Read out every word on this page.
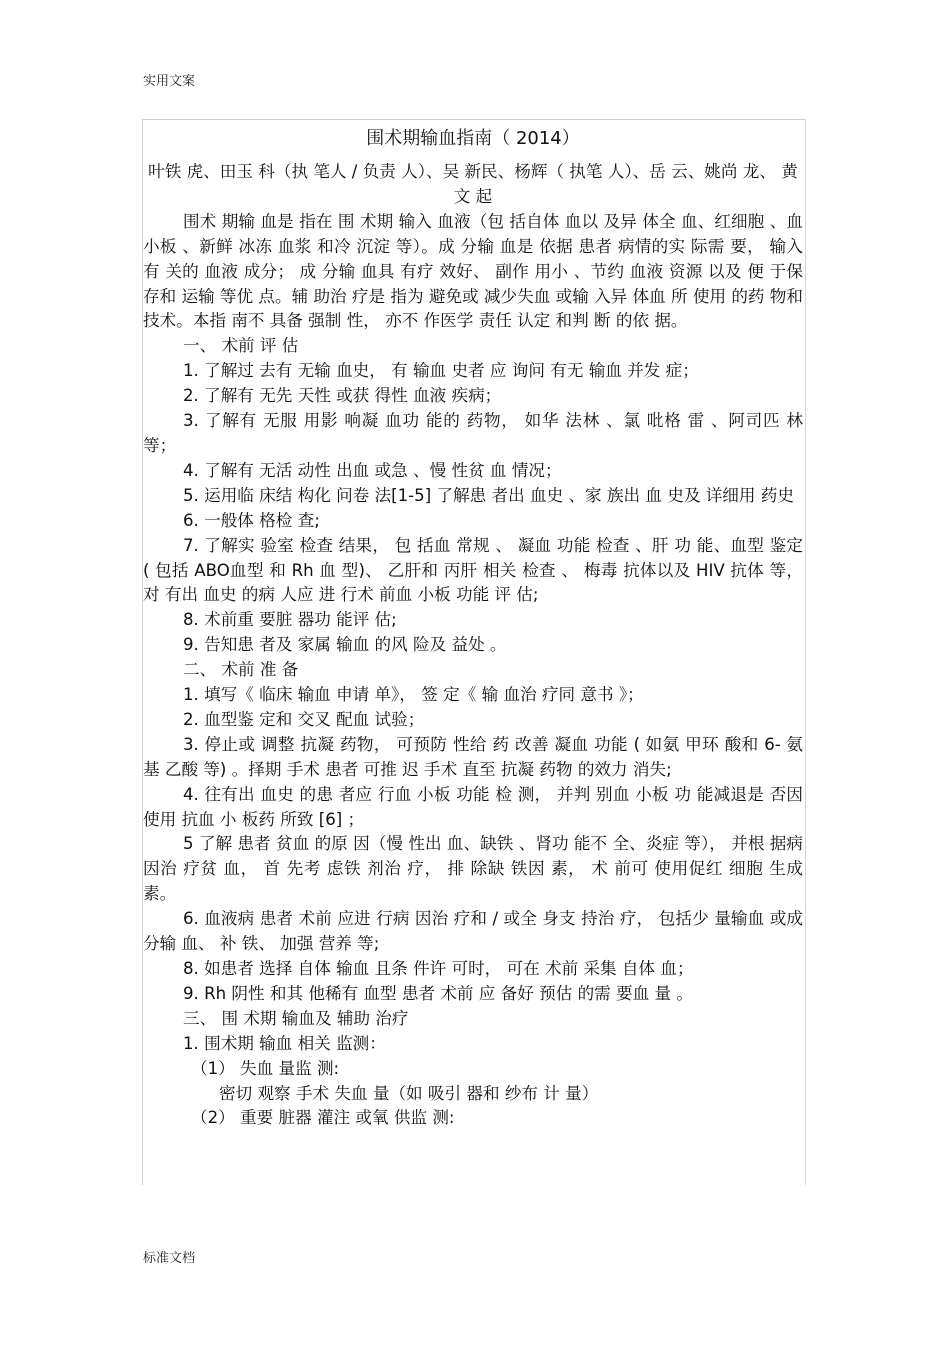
实用文案
围术期输血指南（ 2014）

叶铁 虎、田玉 科（执 笔人 / 负责 人）、吴 新民、杨辉（ 执笔 人）、岳 云、姚尚 龙、 黄文 起

围术 期输 血是 指在 围 术期 输入 血液（包 括自体 血以 及异 体全 血、红细胞 、血 小板 、新鲜 冰冻 血浆 和冷 沉淀 等）。成 分输 血是 依据 患者 病情的实 际需 要， 输入有 关的 血液 成分； 成 分输 血具 有疗 效好、 副作 用小 、节约 血液 资源 以及 便 于保 存和 运输 等优 点。辅 助治 疗是 指为 避免或 减少失血 或输 入异 体血 所 使用 的药 物和 技术。本指 南不 具备 强制 性， 亦不 作医学 责任 认定 和判 断 的依 据。

一、 术前 评 估

1. 了解过 去有 无输 血史， 有 输血 史者 应 询问 有无 输血 并发 症；

2. 了解有 无先 天性 或获 得性 血液 疾病；

3. 了解有 无服 用影 响凝 血功 能的 药物， 如华 法林 、氯 吡格 雷 、阿司匹 林等；

4. 了解有 无活 动性 出血 或急 、慢 性贫 血 情况；

5. 运用临 床结 构化 问卷 法[1-5] 了解患 者出 血史 、家 族出 血 史及 详细用 药史

6. 一般体 格检 查;

7. 了解实 验室 检查 结果， 包 括血 常规 、 凝血 功能 检查 、肝 功 能、血型 鉴定 ( 包括 ABO血型 和 Rh 血 型)、 乙肝和 丙肝 相关 检查 、 梅毒 抗体以及 HIV 抗体 等， 对 有出 血史 的病 人应 进 行术 前血 小板 功能 评 估;

8. 术前重 要脏 器功 能评 估;

9. 告知患 者及 家属 输血 的风 险及 益处 。

二、 术前 准 备

1. 填写《 临床 输血 申请 单》， 签 定《 输 血治 疗同 意书 》；

2. 血型鉴 定和 交叉 配血 试验；

3. 停止或 调整 抗凝 药物， 可预防 性给 药 改善 凝血 功能 ( 如氨 甲环 酸和 6- 氨基 乙酸 等) 。择期 手术 患者 可推 迟 手术 直至 抗凝 药物 的效力 消失;

4. 往有出 血史 的患 者应 行血 小板 功能 检 测， 并判 别血 小板 功 能减退是 否因 使用 抗血 小 板药 所致 [6] ；

5 了解 患者 贫血 的原 因（慢 性出 血、缺铁 、肾功 能不 全、炎症 等）， 并根 据病 因治 疗贫 血， 首 先考 虑铁 剂治 疗， 排 除缺 铁因 素， 术 前可 使用促红 细胞 生成 素。

6. 血液病 患者 术前 应进 行病 因治 疗和 / 或全 身支 持治 疗， 包括少 量输血 或成 分输 血、 补 铁、 加强 营养 等;

8. 如患者 选择 自体 输血 且条 件许 可时， 可在 术前 采集 自体 血；

9. Rh 阴性 和其 他稀有 血型 患者 术前 应 备好 预估 的需 要血 量 。

三、 围 术期 输血及 辅助 治疗

1. 围术期 输血 相关 监测：

（1） 失血 量监 测:

密切 观察 手术 失血 量（如 吸引 器和 纱布 计 量）

（2） 重要 脏器 灌注 或氧 供监 测:

标准文档
